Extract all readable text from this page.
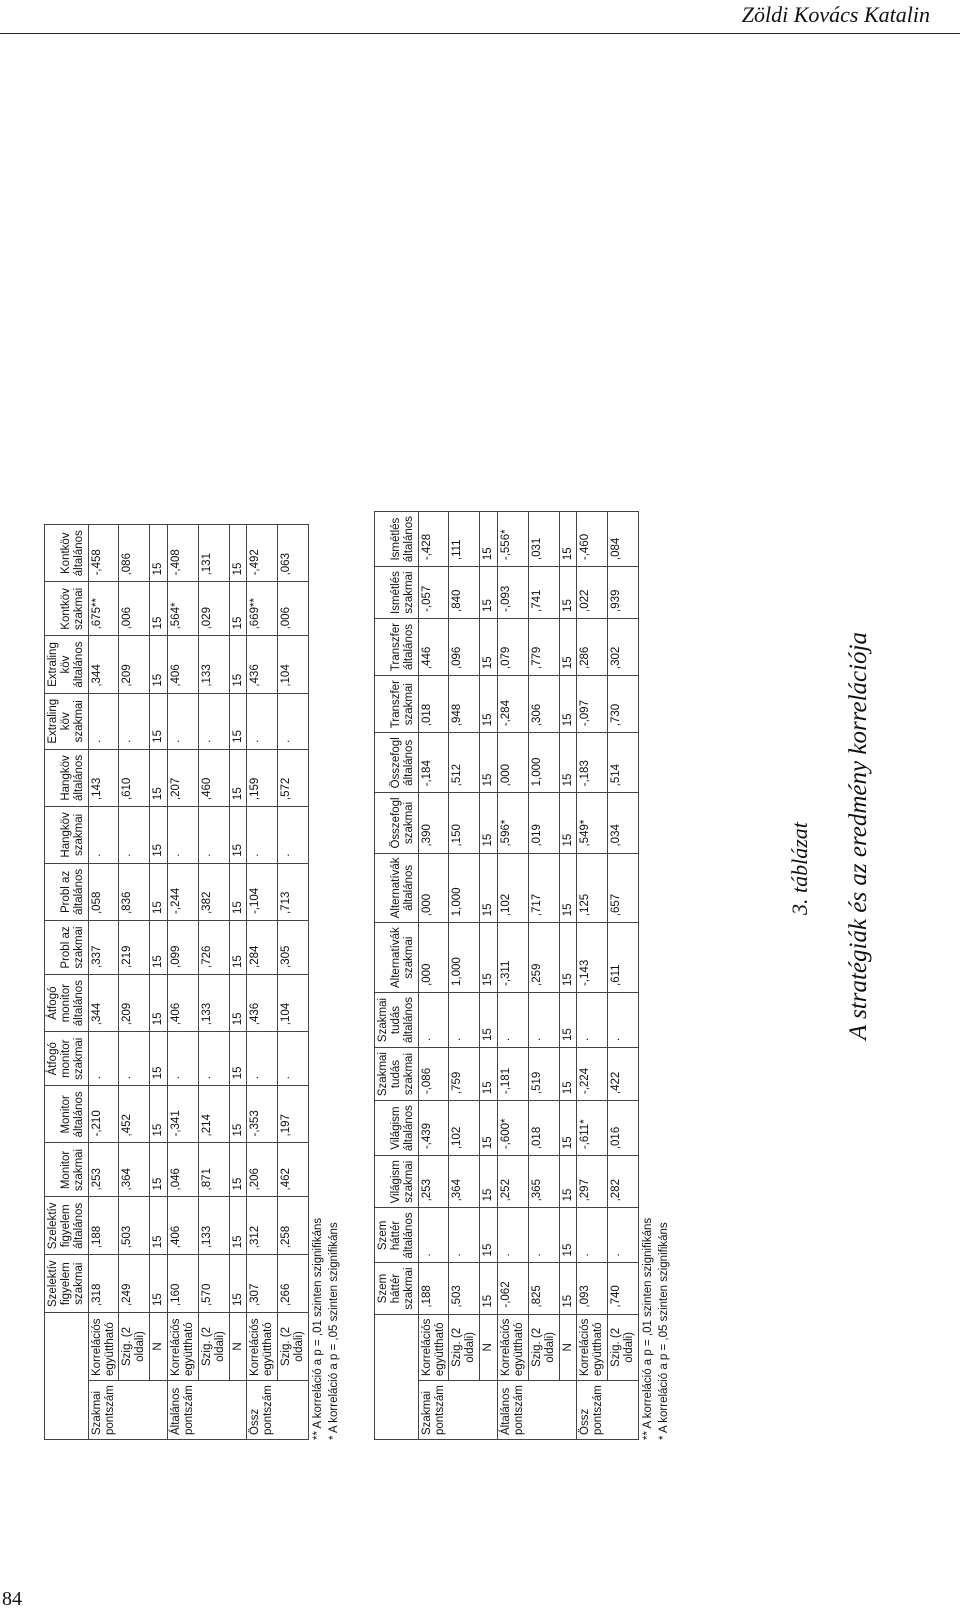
Zöldi Kovács Katalin
84
		Szelektív figyelem szakmai	Szelektív figyelem általános	Monitor szakmai	Monitor általános	Átfogó monitor szakmai	Átfogó monitor általános	Probl az szakmai	Probl az általános	Hangköv szakmai	Hangköv általános	Extraling köv szakmai	Extraling köv általános	Kontköv szakmai	Kontköv általános
Szakmai pontszám	Korrelációs együttható	,318	,188	,253	-,210	.	,344	,337	,058	.	,143	.	,344	,675**	-,458
	Szig. (2 oldali)	,249	,503	,364	,452	.	,209	,219	,836	.	,610	.	,209	,006	,086
	N	15	15	15	15	15	15	15	15	15	15	15	15	15	15
Általános pontszám	Korrelációs együttható	,160	,406	,046	-,341	.	,406	,099	-,244	.	,207	.	,406	,564*	-,408
	Szig. (2 oldali)	,570	,133	,871	,214	.	,133	,726	,382	.	,460	.	,133	,029	,131
	N	15	15	15	15	15	15	15	15	15	15	15	15	15	15
Össz pontszám	Korrelációs együttható	,307	,312	,206	-,353	.	,436	,284	-,104	.	,159	.	,436	,669**	-,492
	Szig. (2 oldali)	,266	,258	,462	,197	.	,104	,305	,713	.	,572	.	,104	,006	,063
** A korreláció a p = ,01 szinten szignifikáns * A korreláció a p = ,05 szinten szignifikáns
		Szem háttér szakmai	Szem háttér általános	Világism szakmai	Világism általános	Szakmai tudás szakmai	Szakmai tudás általános	Alternatívák szakmai	Alternatívák általános	Összefogl szakmai	Összefogl általános	Transzfer szakmai	Transzfer általános	Ismétlés szakmai	Ismétlés általános
Szakmai pontszám	Korrelációs együttható	,188	.	,253	-,439	-,086	.	,000	,000	,390	-,184	,018	,446	-,057	-,428
	Szig. (2 oldali)	,503	.	,364	,102	,759	.	1,000	1,000	,150	,512	,948	,096	,840	,111
	N	15	15	15	15	15	15	15	15	15	15	15	15	15	15
Általános pontszám	Korrelációs együttható	-,062	.	,252	-,600*	-,181	.	-,311	,102	,596*	,000	-,284	,079	-,093	-,556*
	Szig. (2 oldali)	,825	.	,365	,018	,519	.	,259	,717	,019	1,000	,306	,779	,741	,031
	N	15	15	15	15	15	15	15	15	15	15	15	15	15	15
Össz pontszám	Korrelációs együttható	,093	.	,297	-,611*	-,224	.	-,143	,125	,549*	-,183	-,097	,286	,022	-,460
	Szig. (2 oldali)	,740	.	,282	,016	,422	.	,611	,657	,034	,514	,730	,302	,939	,084
** A korreláció a p = ,01 szinten szignifikáns * A korreláció a p = ,05 szinten szignifikáns
3. táblázat A stratégiák és az eredmény korrelációja
